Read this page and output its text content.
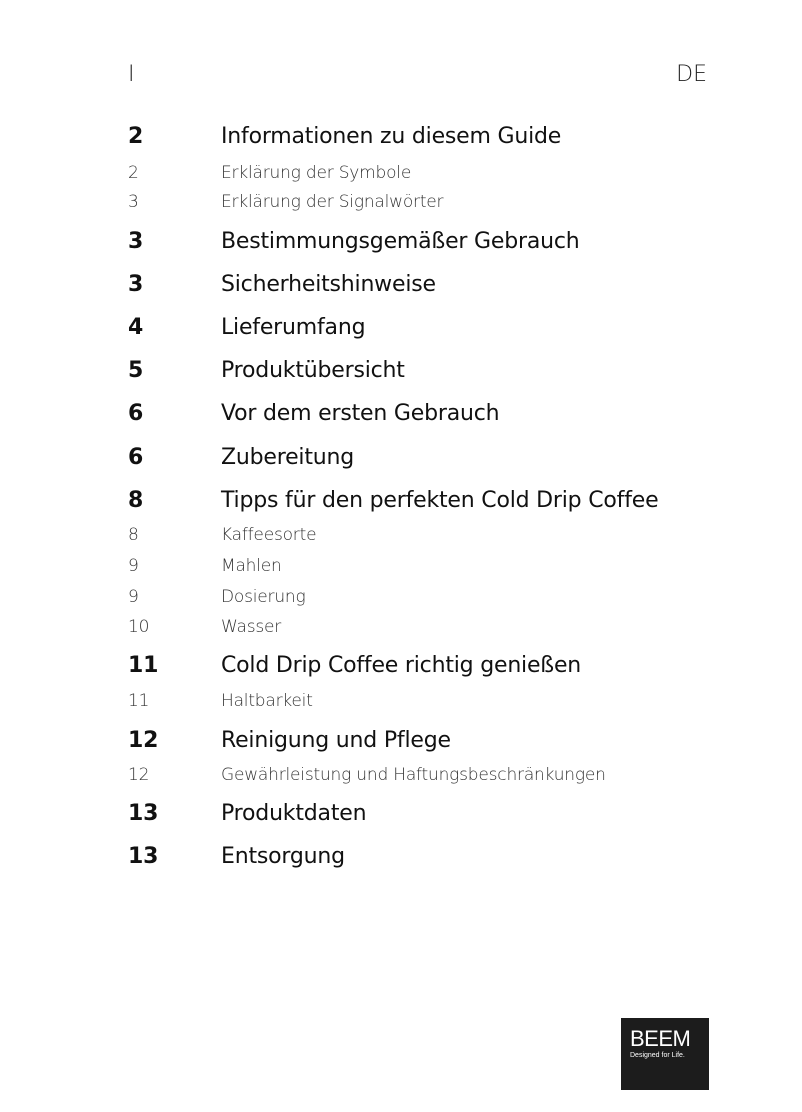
I	DE
2	Informationen zu diesem Guide
2	Erklärung der Symbole
3	Erklärung der Signalwörter
3	Bestimmungsgemäßer Gebrauch
3	Sicherheitshinweise
4	Lieferumfang
5	Produktübersicht
6	Vor dem ersten Gebrauch
6	Zubereitung
8	Tipps für den perfekten Cold Drip Coffee
8	Kaffeesorte
9	Mahlen
9	Dosierung
10	Wasser
11	Cold Drip Coffee richtig genießen
11	Haltbarkeit
12	Reinigung und Pflege
12	Gewährleistung und Haftungsbeschränkungen
13	Produktdaten
13	Entsorgung
BEEM
Designed for Life.
